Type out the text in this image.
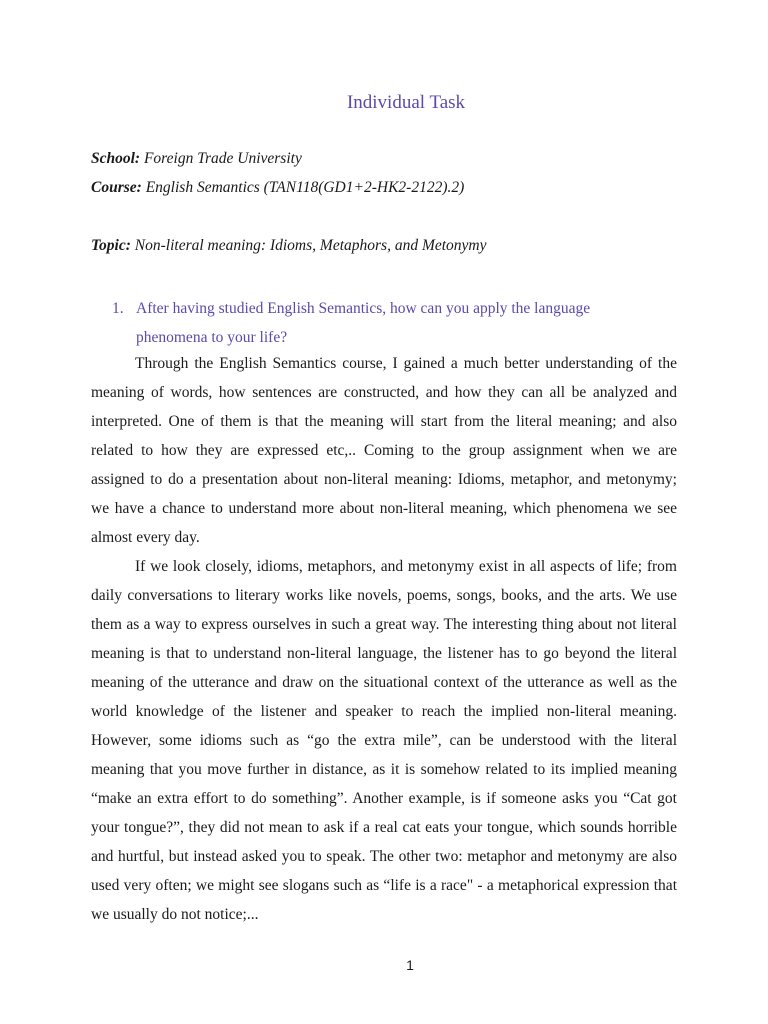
Individual Task
School: Foreign Trade University
Course: English Semantics (TAN118(GD1+2-HK2-2122).2)
Topic: Non-literal meaning: Idioms, Metaphors, and Metonymy
1. After having studied English Semantics, how can you apply the language phenomena to your life?

Through the English Semantics course, I gained a much better understanding of the meaning of words, how sentences are constructed, and how they can all be analyzed and interpreted. One of them is that the meaning will start from the literal meaning; and also related to how they are expressed etc,.. Coming to the group assignment when we are assigned to do a presentation about non-literal meaning: Idioms, metaphor, and metonymy; we have a chance to understand more about non-literal meaning, which phenomena we see almost every day.

If we look closely, idioms, metaphors, and metonymy exist in all aspects of life; from daily conversations to literary works like novels, poems, songs, books, and the arts. We use them as a way to express ourselves in such a great way. The interesting thing about not literal meaning is that to understand non-literal language, the listener has to go beyond the literal meaning of the utterance and draw on the situational context of the utterance as well as the world knowledge of the listener and speaker to reach the implied non-literal meaning. However, some idioms such as “go the extra mile”, can be understood with the literal meaning that you move further in distance, as it is somehow related to its implied meaning “make an extra effort to do something”. Another example, is if someone asks you “Cat got your tongue?”, they did not mean to ask if a real cat eats your tongue, which sounds horrible and hurtful, but instead asked you to speak. The other two: metaphor and metonymy are also used very often; we might see slogans such as “life is a race" - a metaphorical expression that we usually do not notice;...

1
